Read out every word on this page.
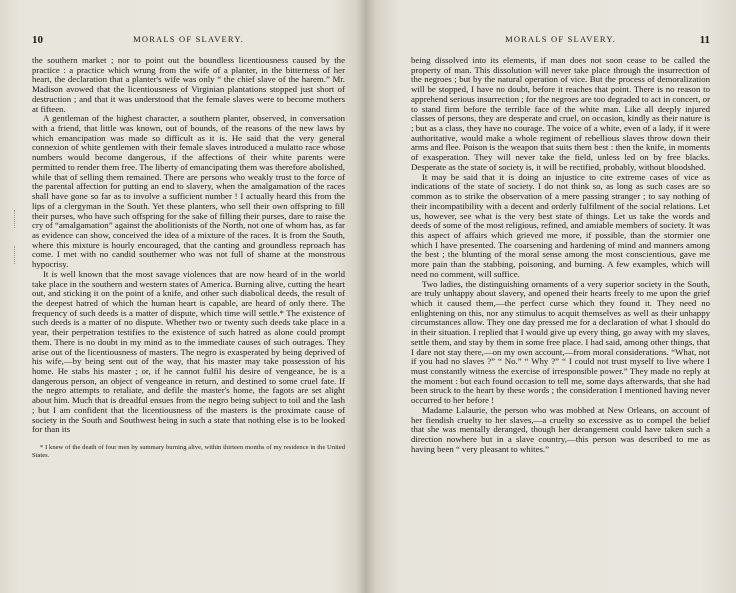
10	MORALS OF SLAVERY.

the southern market ; nor to point out the boundless licentiousness caused by the practice : a practice which wrung from the wife of a planter, in the bitterness of her heart, the declaration that a planter's wife was only “ the chief slave of the harem.” Mr. Madison avowed that the licentiousness of Virginian plantations stopped just short of destruction ; and that it was understood that the female slaves were to become mothers at fifteen.

A gentleman of the highest character, a southern planter, observed, in conversation with a friend, that little was known, out of bounds, of the reasons of the new laws by which emancipation was made so difficult as it is. He said that the very general connexion of white gentlemen with their female slaves introduced a mulatto race whose numbers would become dangerous, if the affections of their white parents were permitted to render them free. The liberty of emancipating them was therefore abolished, while that of selling them remained. There are persons who weakly trust to the force of the parental affection for putting an end to slavery, when the amalgamation of the races shall have gone so far as to involve a sufficient number ! I actually heard this from the lips of a clergyman in the South. Yet these planters, who sell their own offspring to fill their purses, who have such offspring for the sake of filling their purses, dare to raise the cry of “amalgamation” against the abolitionists of the North, not one of whom has, as far as evidence can show, conceived the idea of a mixture of the races. It is from the South, where this mixture is hourly encouraged, that the canting and groundless reproach has come. I met with no candid southerner who was not full of shame at the monstrous hypocrisy.

It is well known that the most savage violences that are now heard of in the world take place in the southern and western states of America. Burning alive, cutting the heart out, and sticking it on the point of a knife, and other such diabolical deeds, the result of the deepest hatred of which the human heart is capable, are heard of only there. The frequency of such deeds is a matter of dispute, which time will settle.* The existence of such deeds is a matter of no dispute. Whether two or twenty such deeds take place in a year, their perpetration testifies to the existence of such hatred as alone could prompt them. There is no doubt in my mind as to the immediate causes of such outrages. They arise out of the licentiousness of masters. The negro is exasperated by being deprived of his wife,—by being sent out of the way, that his master may take possession of his home. He stabs his master ; or, if he cannot fulfil his desire of vengeance, he is a dangerous person, an object of vengeance in return, and destined to some cruel fate. If the negro attempts to retaliate, and defile the master's home, the fagots are set alight about him. Much that is dreadful ensues from the negro being subject to toil and the lash ; but I am confident that the licentiousness of the masters is the proximate cause of society in the South and Southwest being in such a state that nothing else is to be looked for than its

* I knew of the death of four men by summary burning alive, within thirteen months of my residence in the United States.
MORALS OF SLAVERY.	11

being dissolved into its elements, if man does not soon cease to be called the property of man. This dissolution will never take place through the insurrection of the negroes ; but by the natural operation of vice. But the process of demoralization will be stopped, I have no doubt, before it reaches that point. There is no reason to apprehend serious insurrection ; for the negroes are too degraded to act in concert, or to stand firm before the terrible face of the white man. Like all deeply injured classes of persons, they are desperate and cruel, on occasion, kindly as their nature is ; but as a class, they have no courage. The voice of a white, even of a lady, if it were authoritative, would make a whole regiment of rebellious slaves throw down their arms and flee. Poison is the weapon that suits them best : then the knife, in moments of exasperation. They will never take the field, unless led on by free blacks. Desperate as the state of society is, it will be rectified, probably, without bloodshed.

It may be said that it is doing an injustice to cite extreme cases of vice as indications of the state of society. I do not think so, as long as such cases are so common as to strike the observation of a mere passing stranger ; to say nothing of their incompatibility with a decent and orderly fulfilment of the social relations. Let us, however, see what is the very best state of things. Let us take the words and deeds of some of the most religious, refined, and amiable members of society. It was this aspect of affairs which grieved me more, if possible, than the stormier one which I have presented. The coarsening and hardening of mind and manners among the best ; the blunting of the moral sense among the most conscientious, gave me more pain than the stabbing, poisoning, and burning. A few examples, which will need no comment, will suffice.

Two ladies, the distinguishing ornaments of a very superior society in the South, are truly unhappy about slavery, and opened their hearts freely to me upon the grief which it caused them,—the perfect curse which they found it. They need no enlightening on this, nor any stimulus to acquit themselves as well as their unhappy circumstances allow. They one day pressed me for a declaration of what I should do in their situation. I replied that I would give up every thing, go away with my slaves, settle them, and stay by them in some free place. I had said, among other things, that I dare not stay there,—on my own account,—from moral considerations. “What, not if you had no slaves ?” “ No.” “ Why ?” “ I could not trust myself to live where I must constantly witness the exercise of irresponsible power.” They made no reply at the moment : but each found occasion to tell me, some days afterwards, that she had been struck to the heart by these words ; the consideration I mentioned having never occurred to her before !

Madame Lalaurie, the person who was mobbed at New Orleans, on account of her fiendish cruelty to her slaves,—a cruelty so excessive as to compel the belief that she was mentally deranged, though her derangement could have taken such a direction nowhere but in a slave country,—this person was described to me as having been “ very pleasant to whites.”
